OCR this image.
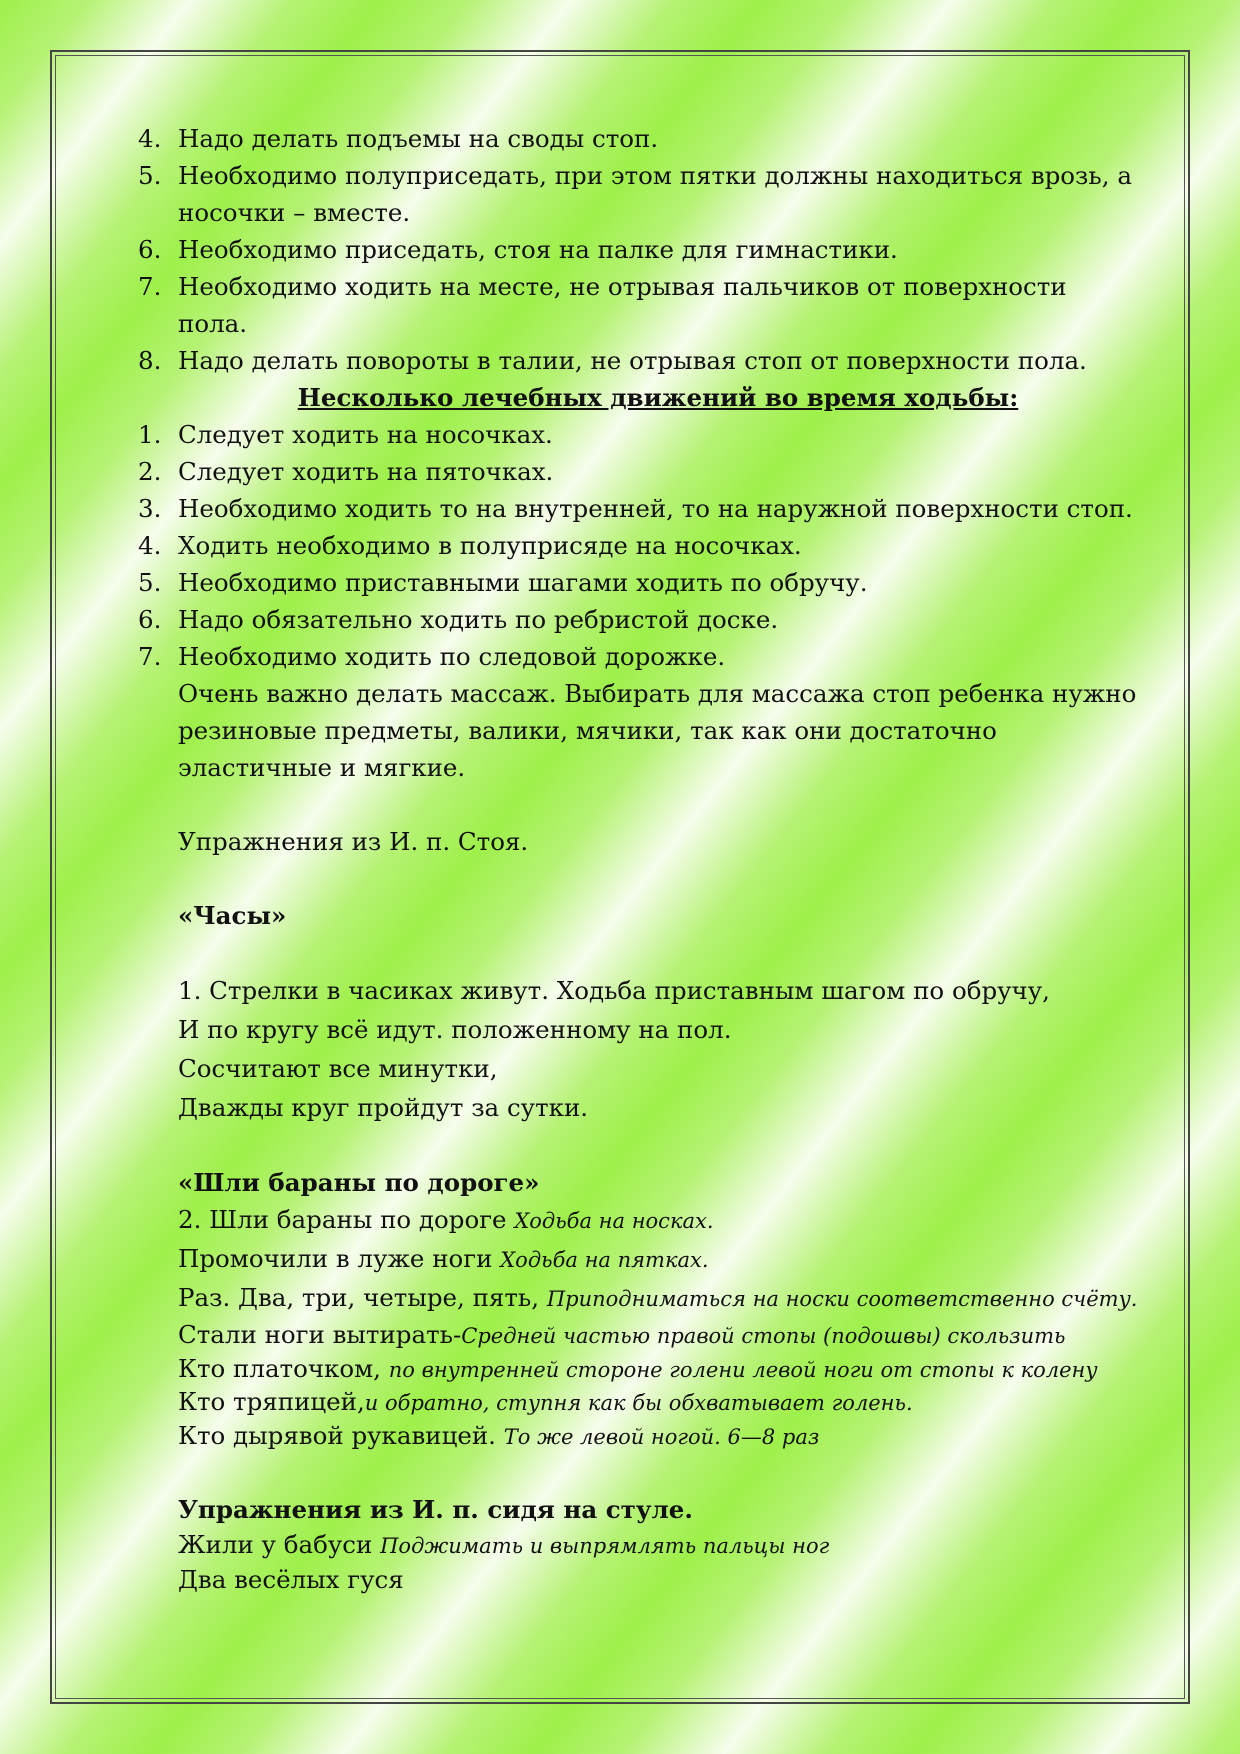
4. Надо делать подъемы на своды стоп.
5. Необходимо полуприседать, при этом пятки должны находиться врозь, а носочки – вместе.
6. Необходимо приседать, стоя на палке для гимнастики.
7. Необходимо ходить на месте, не отрывая пальчиков от поверхности пола.
8. Надо делать повороты в талии, не отрывая стоп от поверхности пола.
Несколько лечебных движений во время ходьбы:
1. Следует ходить на носочках.
2. Следует ходить на пяточках.
3. Необходимо ходить то на внутренней, то на наружной поверхности стоп.
4. Ходить необходимо в полуприсяде на носочках.
5. Необходимо приставными шагами ходить по обручу.
6. Надо обязательно ходить по ребристой доске.
7. Необходимо ходить по следовой дорожке.
Очень важно делать массаж. Выбирать для массажа стоп ребенка нужно резиновые предметы, валики, мячики, так как они достаточно эластичные и мягкие.
Упражнения из И. п. Стоя.
«Часы»
1. Стрелки в часиках живут. Ходьба приставным шагом по обручу,
И по кругу всё идут. положенному на пол.
Сосчитают все минутки,
Дважды круг пройдут за сутки.
«Шли бараны по дороге»
2. Шли бараны по дороге Ходьба на носках.
Промочили в луже ноги Ходьба на пятках.
Раз. Два, три, четыре, пять, Приподниматься на носки соответственно счёту.
Стали ноги вытирать-Средней частью правой стопы (подошвы) скользить
Кто платочком, по внутренней стороне голени левой ноги от стопы к колену
Кто тряпицей,и обратно, ступня как бы обхватывает голень.
Кто дырявой рукавицей. То же левой ногой. 6—8 раз
Упражнения из И. п. сидя на стуле.
Жили у бабуси Поджимать и выпрямлять пальцы ног
Два весёлых гуся
